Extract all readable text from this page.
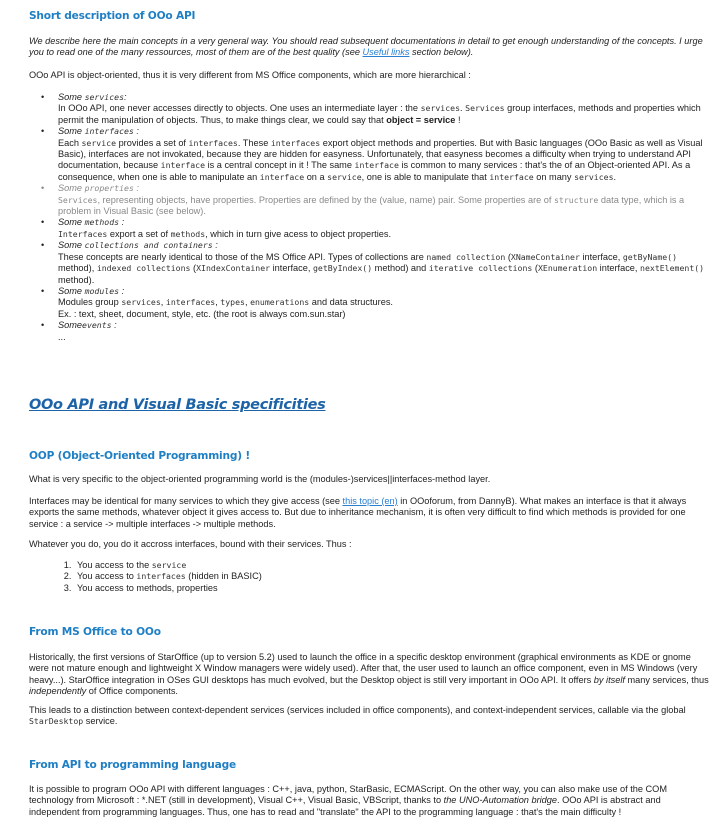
Short description of OOo API

We describe here the main concepts in a very general way. You should read subsequent documentations in detail to get enough understanding of the concepts. I urge you to read one of the many ressources, most of them are of the best quality (see Useful links section below).

OOo API is object-oriented, thus it is very different from MS Office components, which are more hierarchical :

• Some services:
In OOo API, one never accesses directly to objects. One uses an intermediate layer : the services. Services group interfaces, methods and properties which permit the manipulation of objects. Thus, to make things clear, we could say that object = service !
• Some interfaces :
Each service provides a set of interfaces. These interfaces export object methods and properties. But with Basic languages (OOo Basic as well as Visual Basic), interfaces are not invokated, because they are hidden for easyness. Unfortunately, that easyness becomes a difficulty when trying to understand API documentation, because interface is a central concept in it ! The same interface is common to many services : that's the of an Object-oriented API. As a consequence, when one is able to manipulate an interface on a service, one is able to manipulate that interface on many services.
• Some properties :
Services, representing objects, have properties. Properties are defined by the (value, name) pair. Some properties are of structure data type, which is a problem in Visual Basic (see below).
• Some methods :
Interfaces export a set of methods, which in turn give acess to object properties.
• Some collections and containers :
These concepts are nearly identical to those of the MS Office API. Types of collections are named collection (XNameContainer interface, getByName() method), indexed collections (XIndexContainer interface, getByIndex() method) and iterative collections (XEnumeration interface, nextElement() method).
• Some modules :
Modules group services, interfaces, types, enumerations and data structures.
Ex. : text, sheet, document, style, etc. (the root is always com.sun.star)
• Someevents :
...
OOo API and Visual Basic specificities
OOP (Object-Oriented Programming) !

What is very specific to the object-oriented programming world is the (modules-)services||interfaces-method layer.

Interfaces may be identical for many services to which they give access (see this topic (en) in OOoforum, from DannyB). What makes an interface is that it always exports the same methods, whatever object it gives access to. But due to inheritance mechanism, it is often very difficult to find which methods is provided for one service : a service -> multiple interfaces -> multiple methods.

Whatever you do, you do it accross interfaces, bound with their services. Thus :

1. You access to the service
2. You access to interfaces (hidden in BASIC)
3. You access to methods, properties
From MS Office to OOo

Historically, the first versions of StarOffice (up to version 5.2) used to launch the office in a specific desktop environment (graphical environments as KDE or gnome were not mature enough and lightweight X Window managers were widely used). After that, the user used to launch an office component, even in MS Windows (very heavy...). StarOffice integration in OSes GUI desktops has much evolved, but the Desktop object is still very important in OOo API. It offers by itself many services, thus independently of Office components.

This leads to a distinction between context-dependent services (services included in office components), and context-independent services, callable via the global StarDesktop service.

From API to programming language

It is possible to program OOo API with different languages : C++, java, python, StarBasic, ECMAScript. On the other way, you can also make use of the COM technology from Microsoft : *.NET (still in development), Visual C++, Visual Basic, VBScript, thanks to the UNO-Automation bridge. OOo API is abstract and independent from programming languages. Thus, one has to read and "translate" the API to the programming language : that's the main difficulty !
